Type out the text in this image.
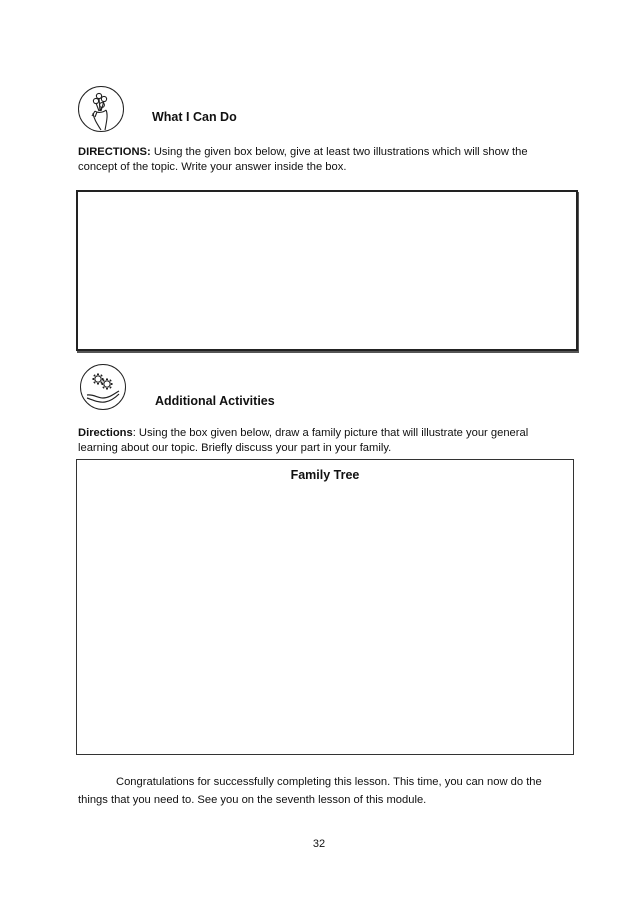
What I Can Do
DIRECTIONS: Using the given box below, give at least two illustrations which will show the concept of the topic. Write your answer inside the box.
Additional Activities
Directions: Using the box given below, draw a family picture that will illustrate your general learning about our topic. Briefly discuss your part in your family.
Family Tree
Congratulations for successfully completing this lesson. This time, you can now do the things that you need to. See you on the seventh lesson of this module.
32
